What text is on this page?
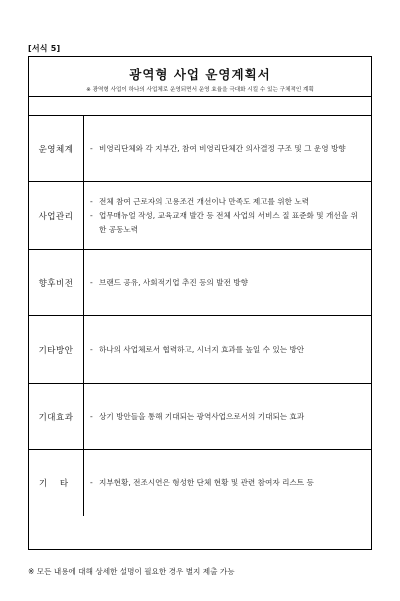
[서식 5]
광역형 사업 운영계획서
※ 광역형 사업이 하나의 사업체로 운영되면서 운영 효율을 극대화 시킬 수 있는 구체적인 계획
운영체계	- 비영리단체와 각 지부간, 참여 비영리단체간 의사결정 구조 및 그 운영 방향
사업관리
- 전체 참여 근로자의 고용조건 개선이나 만족도 제고를 위한 노력
- 업무매뉴얼 작성, 교육교재 발간 등 전체 사업의 서비스 질 표준화 및 개선을 위한 공동노력
향후비전	- 브랜드 공유, 사회적기업 추진 등의 발전 방향
기타방안	- 하나의 사업체로서 협력하고, 시너지 효과를 높일 수 있는 방안
기대효과	- 상기 방안들을 통해 기대되는 광역사업으로서의 기대되는 효과
기 타	- 지부현황, 전조시연은 형성한 단체 현황 및 관련 참여자 리스트 등
※ 모든 내용에 대해 상세한 설명이 필요한 경우 별지 제출 가능
